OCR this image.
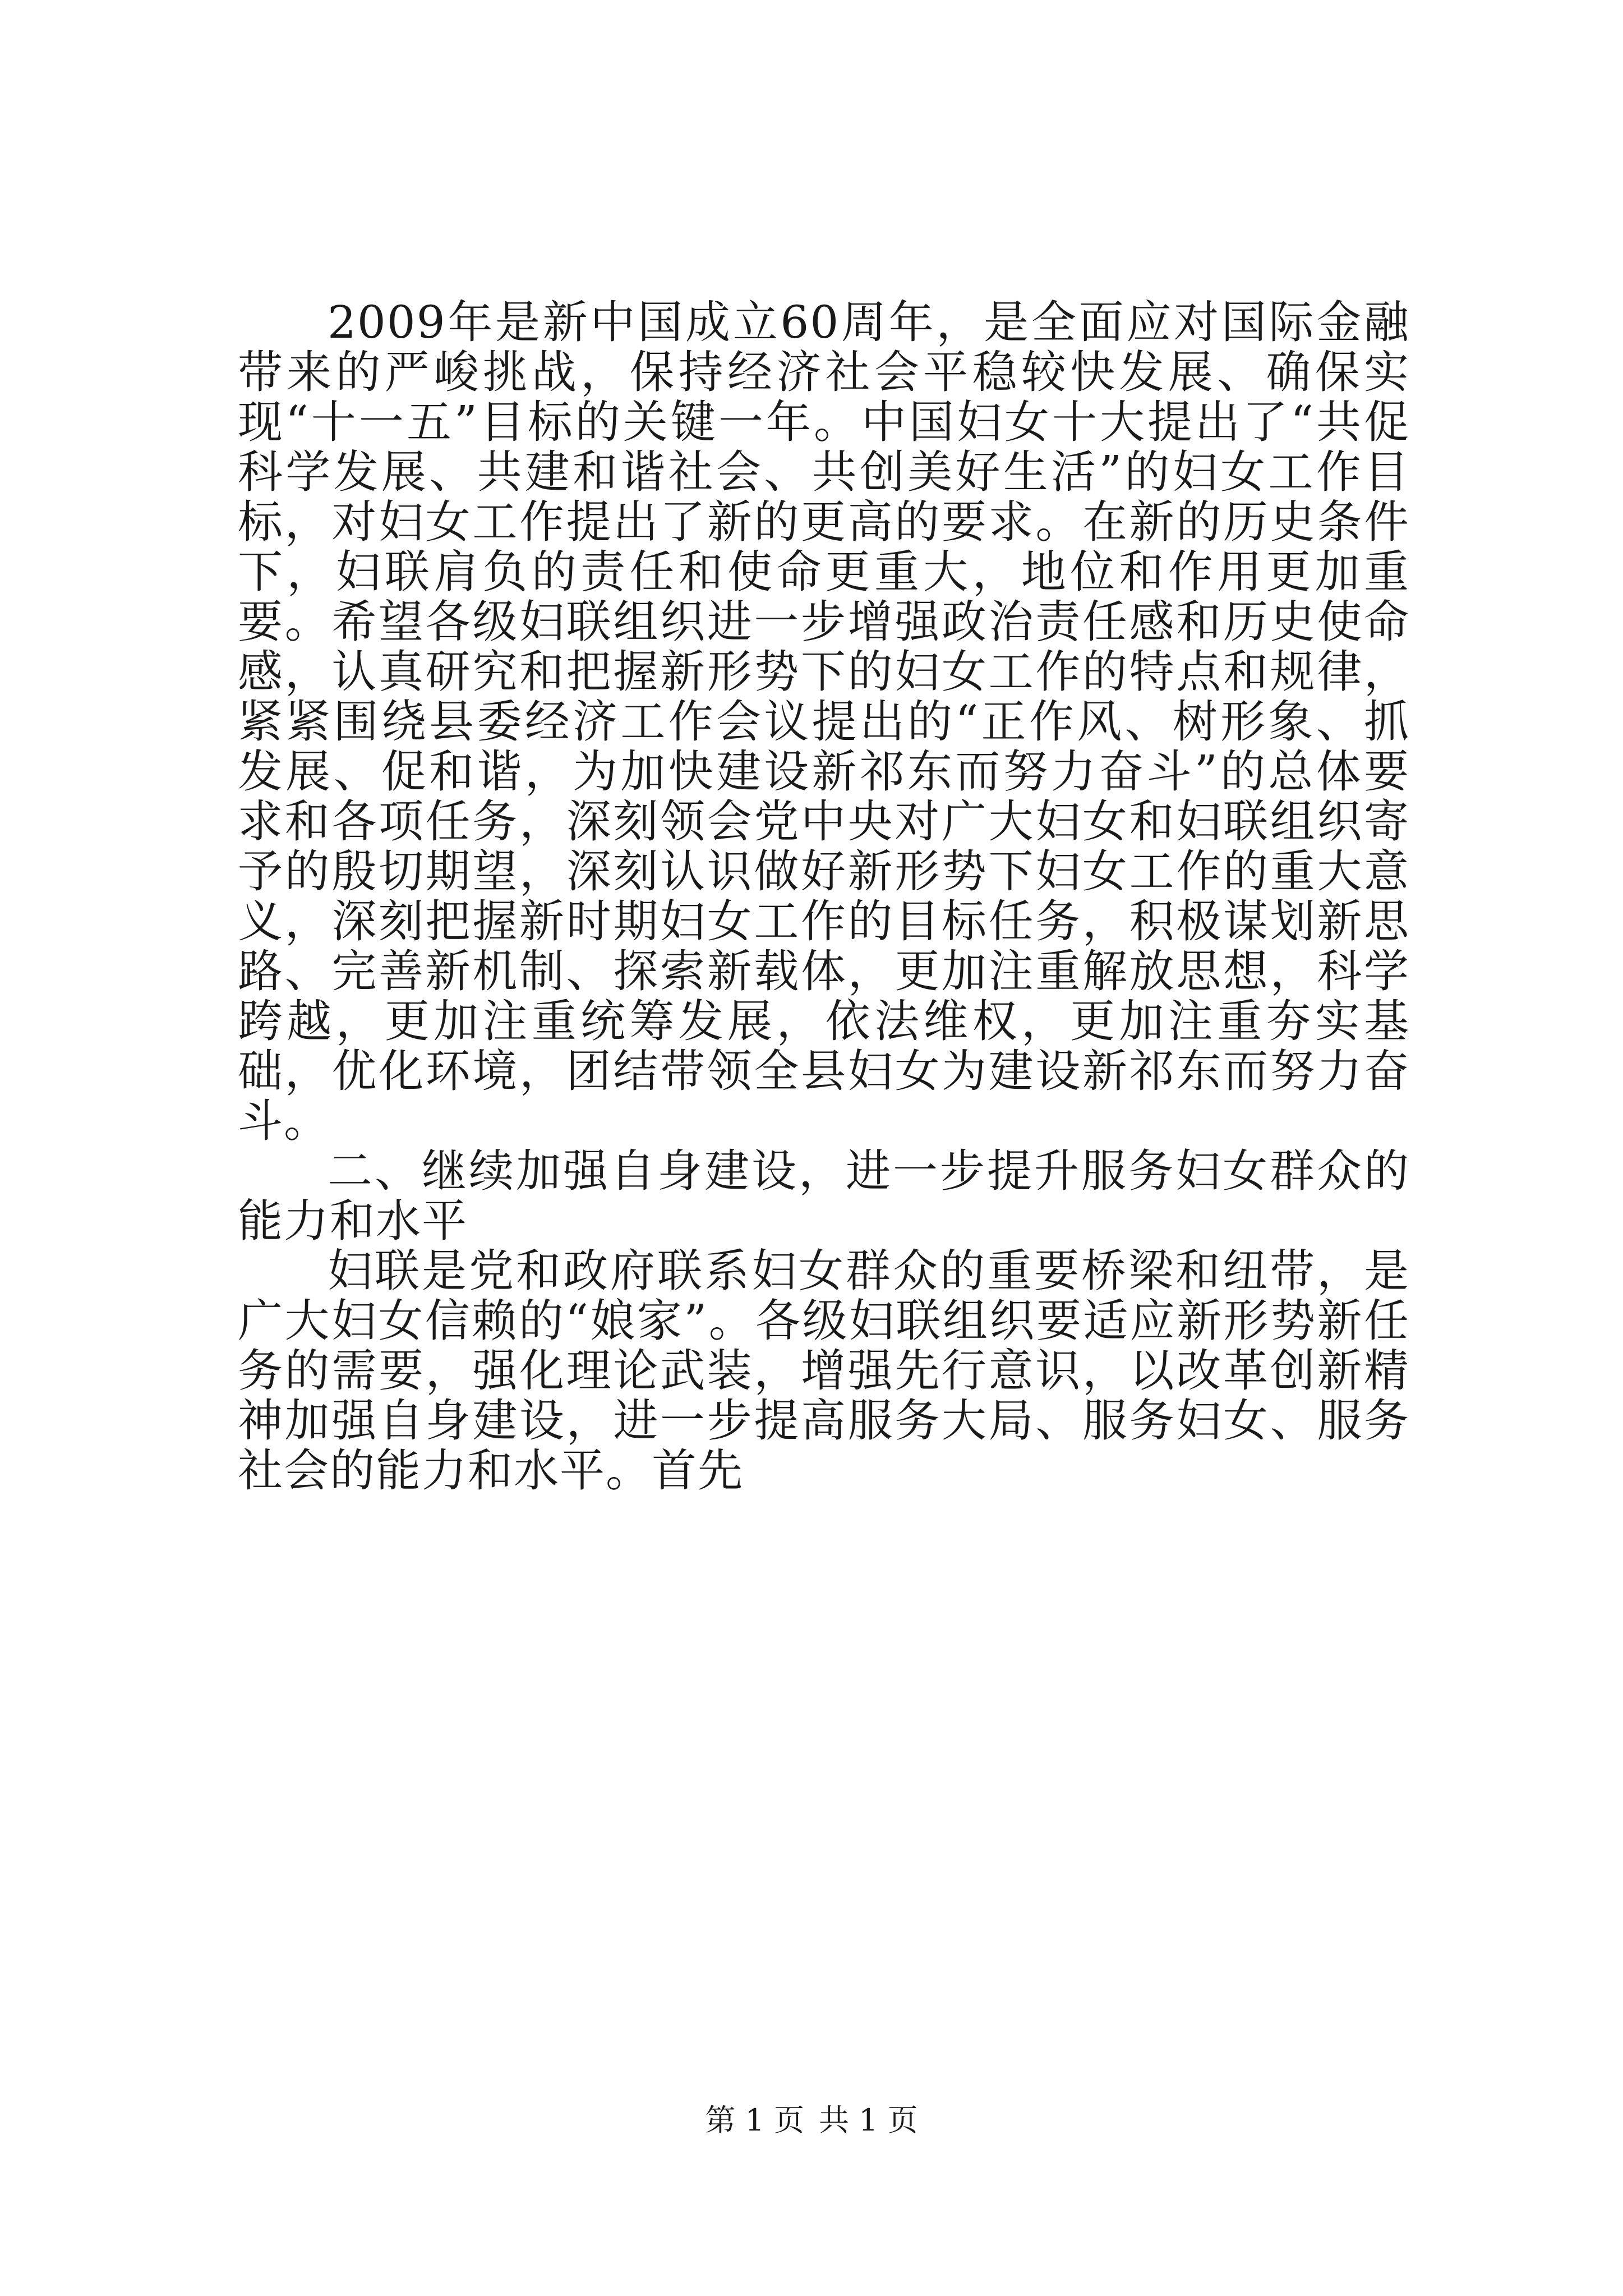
2009年是新中国成立60周年，是全面应对国际金融带来的严峻挑战，保持经济社会平稳较快发展、确保实现“十一五”目标的关键一年。中国妇女十大提出了“共促科学发展、共建和谐社会、共创美好生活”的妇女工作目标，对妇女工作提出了新的更高的要求。在新的历史条件下，妇联肩负的责任和使命更重大，地位和作用更加重要。希望各级妇联组织进一步增强政治责任感和历史使命感，认真研究和把握新形势下的妇女工作的特点和规律，紧紧围绕县委经济工作会议提出的“正作风、树形象、抓发展、促和谐，为加快建设新祁东而努力奋斗”的总体要求和各项任务，深刻领会党中央对广大妇女和妇联组织寄予的殷切期望，深刻认识做好新形势下妇女工作的重大意义，深刻把握新时期妇女工作的目标任务，积极谋划新思路、完善新机制、探索新载体，更加注重解放思想，科学跨越，更加注重统筹发展，依法维权，更加注重夯实基础，优化环境，团结带领全县妇女为建设新祁东而努力奋斗。

二、继续加强自身建设，进一步提升服务妇女群众的能力和水平

妇联是党和政府联系妇女群众的重要桥梁和纽带，是广大妇女信赖的“娘家”。各级妇联组织要适应新形势新任务的需要，强化理论武装，增强先行意识，以改革创新精神加强自身建设，进一步提高服务大局、服务妇女、服务社会的能力和水平。首先

第 1 页 共 1 页
